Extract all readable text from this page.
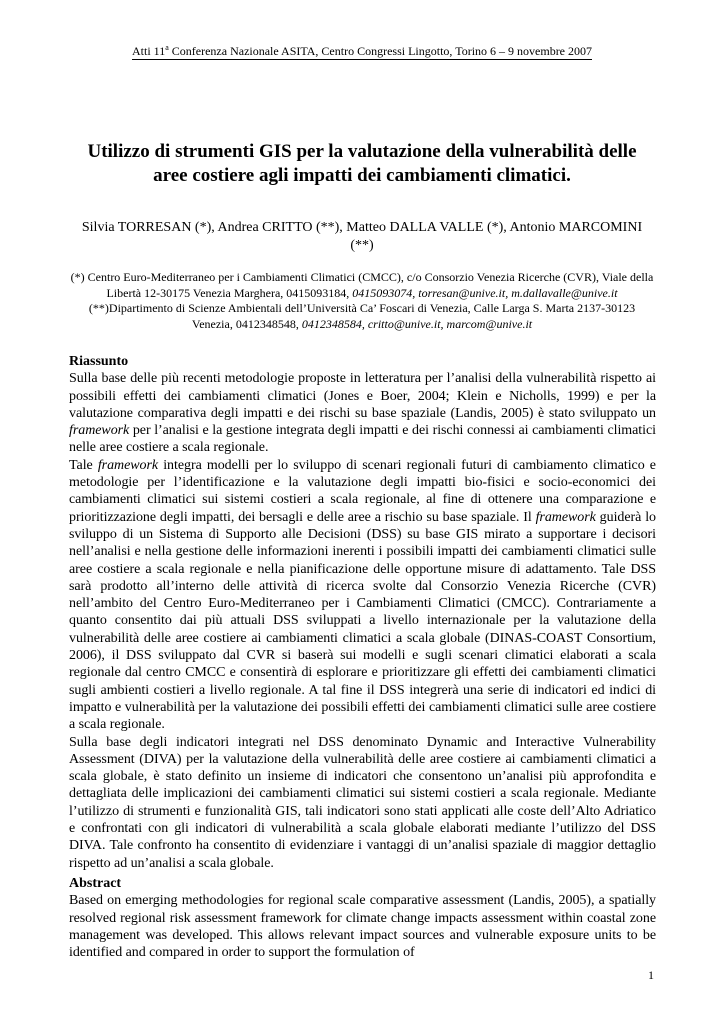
Atti 11$^a$ Conferenza Nazionale ASITA, Centro Congressi Lingotto, Torino 6 – 9 novembre 2007
Utilizzo di strumenti GIS per la valutazione della vulnerabilità delle aree costiere agli impatti dei cambiamenti climatici.
Silvia TORRESAN (*), Andrea CRITTO (**), Matteo DALLA VALLE (*), Antonio MARCOMINI (**)
(*) Centro Euro-Mediterraneo per i Cambiamenti Climatici (CMCC), c/o Consorzio Venezia Ricerche (CVR), Viale della Libertà 12-30175 Venezia Marghera, 0415093184, 0415093074, torresan@unive.it, m.dallavalle@unive.it
(**)Dipartimento di Scienze Ambientali dell’Università Ca’ Foscari di Venezia, Calle Larga S. Marta 2137-30123 Venezia, 0412348548, 0412348584, critto@unive.it, marcom@unive.it

Riassunto

Sulla base delle più recenti metodologie proposte in letteratura per l’analisi della vulnerabilità rispetto ai possibili effetti dei cambiamenti climatici (Jones e Boer, 2004; Klein e Nicholls, 1999) e per la valutazione comparativa degli impatti e dei rischi su base spaziale (Landis, 2005) è stato sviluppato un framework per l’analisi e la gestione integrata degli impatti e dei rischi connessi ai cambiamenti climatici nelle aree costiere a scala regionale.

Tale framework integra modelli per lo sviluppo di scenari regionali futuri di cambiamento climatico e metodologie per l’identificazione e la valutazione degli impatti bio-fisici e socio-economici dei cambiamenti climatici sui sistemi costieri a scala regionale, al fine di ottenere una comparazione e prioritizzazione degli impatti, dei bersagli e delle aree a rischio su base spaziale. Il framework guiderà lo sviluppo di un Sistema di Supporto alle Decisioni (DSS) su base GIS mirato a supportare i decisori nell’analisi e nella gestione delle informazioni inerenti i possibili impatti dei cambiamenti climatici sulle aree costiere a scala regionale e nella pianificazione delle opportune misure di adattamento. Tale DSS sarà prodotto all’interno delle attività di ricerca svolte dal Consorzio Venezia Ricerche (CVR) nell’ambito del Centro Euro-Mediterraneo per i Cambiamenti Climatici (CMCC). Contrariamente a quanto consentito dai più attuali DSS sviluppati a livello internazionale per la valutazione della vulnerabilità delle aree costiere ai cambiamenti climatici a scala globale (DINAS-COAST Consortium, 2006), il DSS sviluppato dal CVR si baserà sui modelli e sugli scenari climatici elaborati a scala regionale dal centro CMCC e consentirà di esplorare e prioritizzare gli effetti dei cambiamenti climatici sugli ambienti costieri a livello regionale. A tal fine il DSS integrerà una serie di indicatori ed indici di impatto e vulnerabilità per la valutazione dei possibili effetti dei cambiamenti climatici sulle aree costiere a scala regionale.

Sulla base degli indicatori integrati nel DSS denominato Dynamic and Interactive Vulnerability Assessment (DIVA) per la valutazione della vulnerabilità delle aree costiere ai cambiamenti climatici a scala globale, è stato definito un insieme di indicatori che consentono un’analisi più approfondita e dettagliata delle implicazioni dei cambiamenti climatici sui sistemi costieri a scala regionale. Mediante l’utilizzo di strumenti e funzionalità GIS, tali indicatori sono stati applicati alle coste dell’Alto Adriatico e confrontati con gli indicatori di vulnerabilità a scala globale elaborati mediante l’utilizzo del DSS DIVA. Tale confronto ha consentito di evidenziare i vantaggi di un’analisi spaziale di maggior dettaglio rispetto ad un’analisi a scala globale.

Abstract

Based on emerging methodologies for regional scale comparative assessment (Landis, 2005), a spatially resolved regional risk assessment framework for climate change impacts assessment within coastal zone management was developed. This allows relevant impact sources and vulnerable exposure units to be identified and compared in order to support the formulation of

1
